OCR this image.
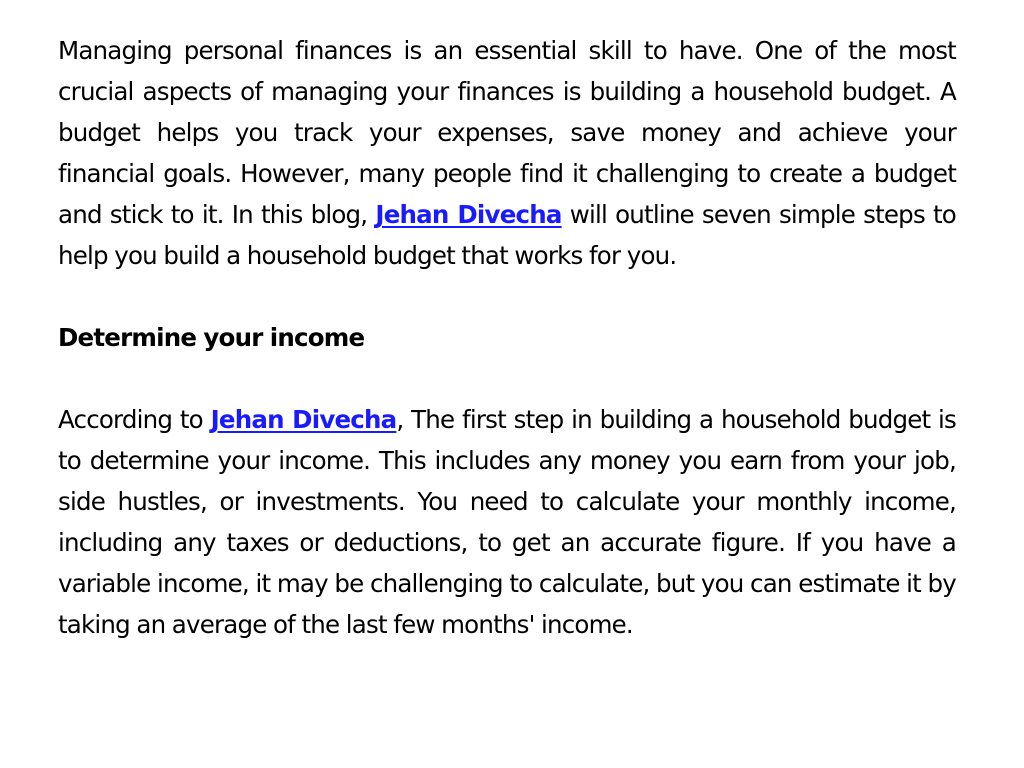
Managing personal finances is an essential skill to have. One of the most crucial aspects of managing your finances is building a household budget. A budget helps you track your expenses, save money and achieve your financial goals. However, many people find it challenging to create a budget and stick to it. In this blog, Jehan Divecha will outline seven simple steps to help you build a household budget that works for you.

Determine your income

According to Jehan Divecha, The first step in building a household budget is to determine your income. This includes any money you earn from your job, side hustles, or investments. You need to calculate your monthly income, including any taxes or deductions, to get an accurate figure. If you have a variable income, it may be challenging to calculate, but you can estimate it by taking an average of the last few months' income.
